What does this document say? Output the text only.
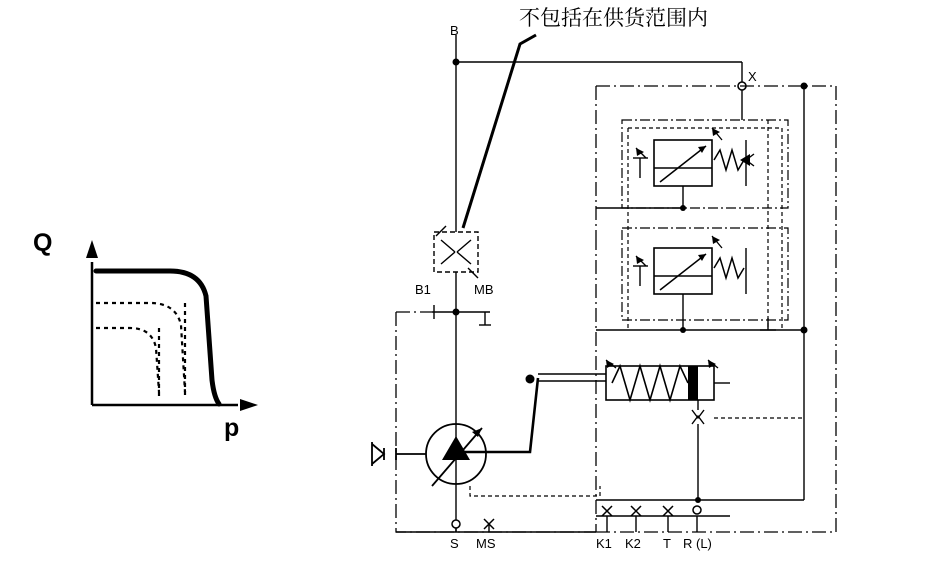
不包括在供货范围内
Q
p
B
X
B1	MB
S MS	K1 K2 T R (L)
